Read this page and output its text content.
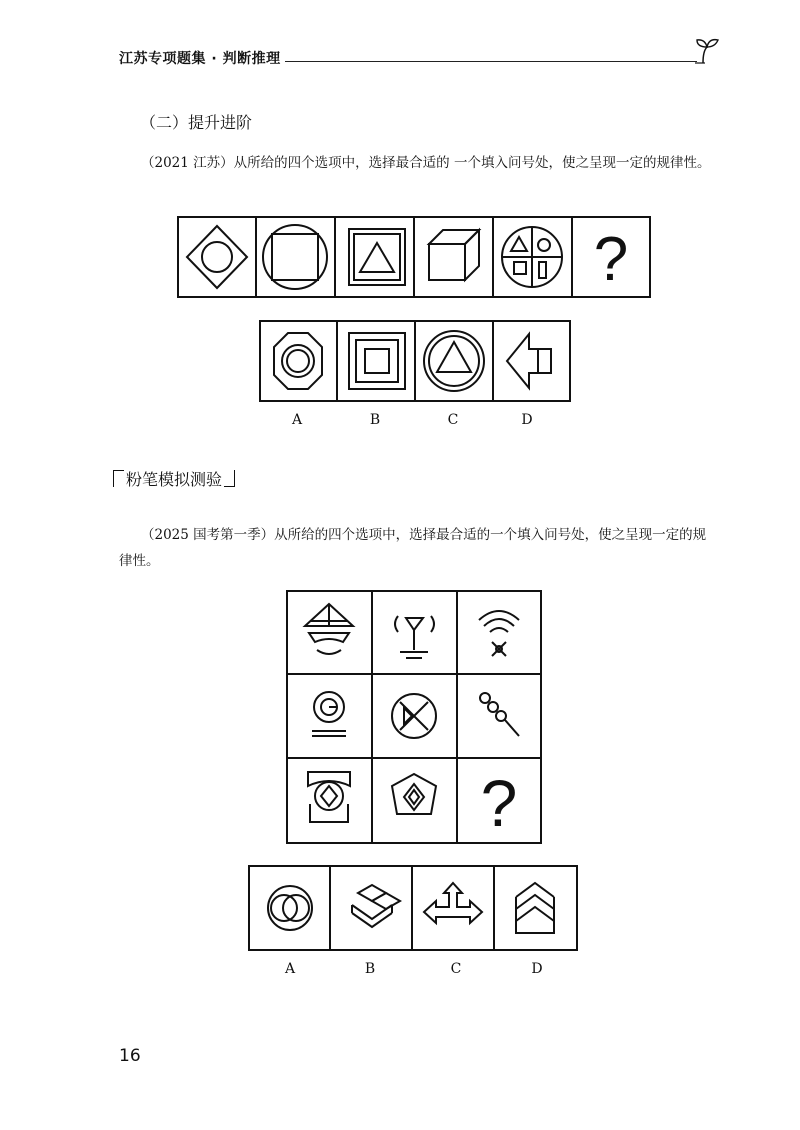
江苏专项题集 · 判断推理
（二）提升进阶
（2021 江苏）从所给的四个选项中，选择最合适的 一个填入问号处，使之呈现一定的规律性。
?
A	B	C	D
粉笔模拟测验
（2025 国考第一季）从所给的四个选项中，选择最合适的一个填入问号处，使之呈现一定的规律性。
?
A	B	C	D
16
